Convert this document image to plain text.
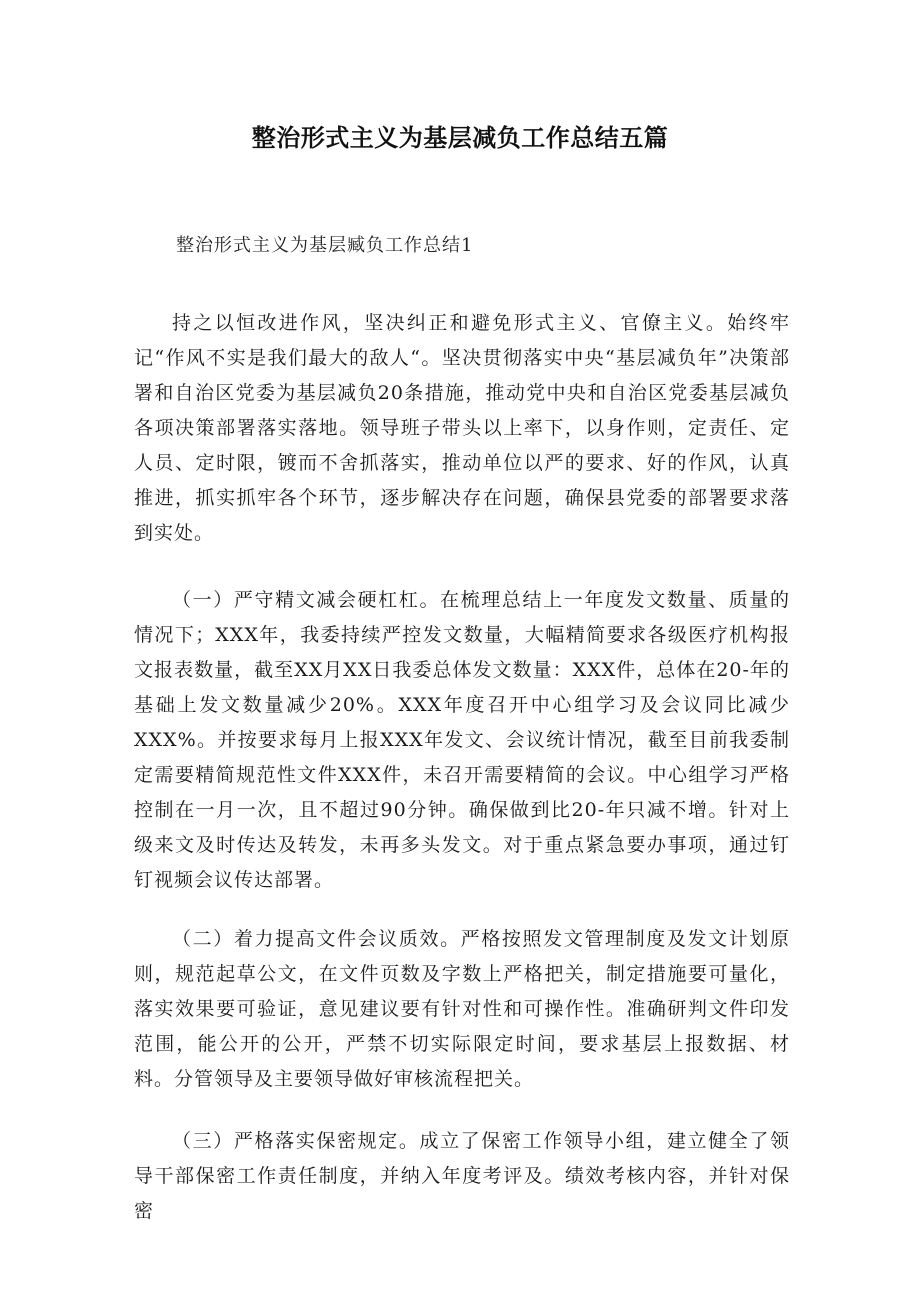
整治形式主义为基层减负工作总结五篇
整治形式主义为基层臧负工作总结1

持之以恒改进作风，坚决纠正和避免形式主义、官僚主义。始终牢记“作风不实是我们最大的敌人“。坚决贯彻落实中央“基层减负年”决策部署和自治区党委为基层减负20条措施，推动党中央和自治区党委基层减负各项决策部署落实落地。领导班子带头以上率下，以身作则，定责任、定人员、定时限，镀而不舍抓落实，推动单位以严的要求、好的作风，认真推进，抓实抓牢各个环节，逐步解决存在问题，确保县党委的部署要求落到实处。

（一）严守精文减会硬杠杠。在梳理总结上一年度发文数量、质量的情况下；XXX年，我委持续严控发文数量，大幅精简要求各级医疗机构报文报表数量，截至XX月XX日我委总体发文数量：XXX件，总体在20-年的基础上发文数量减少20%。XXX年度召开中心组学习及会议同比减少XXX%。并按要求每月上报XXX年发文、会议统计情况，截至目前我委制定需要精简规范性文件XXX件，未召开需要精简的会议。中心组学习严格控制在一月一次，且不超过90分钟。确保做到比20-年只减不增。针对上级来文及时传达及转发，未再多头发文。对于重点紧急要办事项，通过钉钉视频会议传达部署。

（二）着力提高文件会议质效。严格按照发文管理制度及发文计划原则，规范起草公文，在文件页数及字数上严格把关，制定措施要可量化，落实效果要可验证，意见建议要有针对性和可操作性。准确研判文件印发范围，能公开的公开，严禁不切实际限定时间，要求基层上报数据、材料。分管领导及主要领导做好审核流程把关。

（三）严格落实保密规定。成立了保密工作领导小组，建立健全了领导干部保密工作责任制度，并纳入年度考评及。绩效考核内容，并针对保密
